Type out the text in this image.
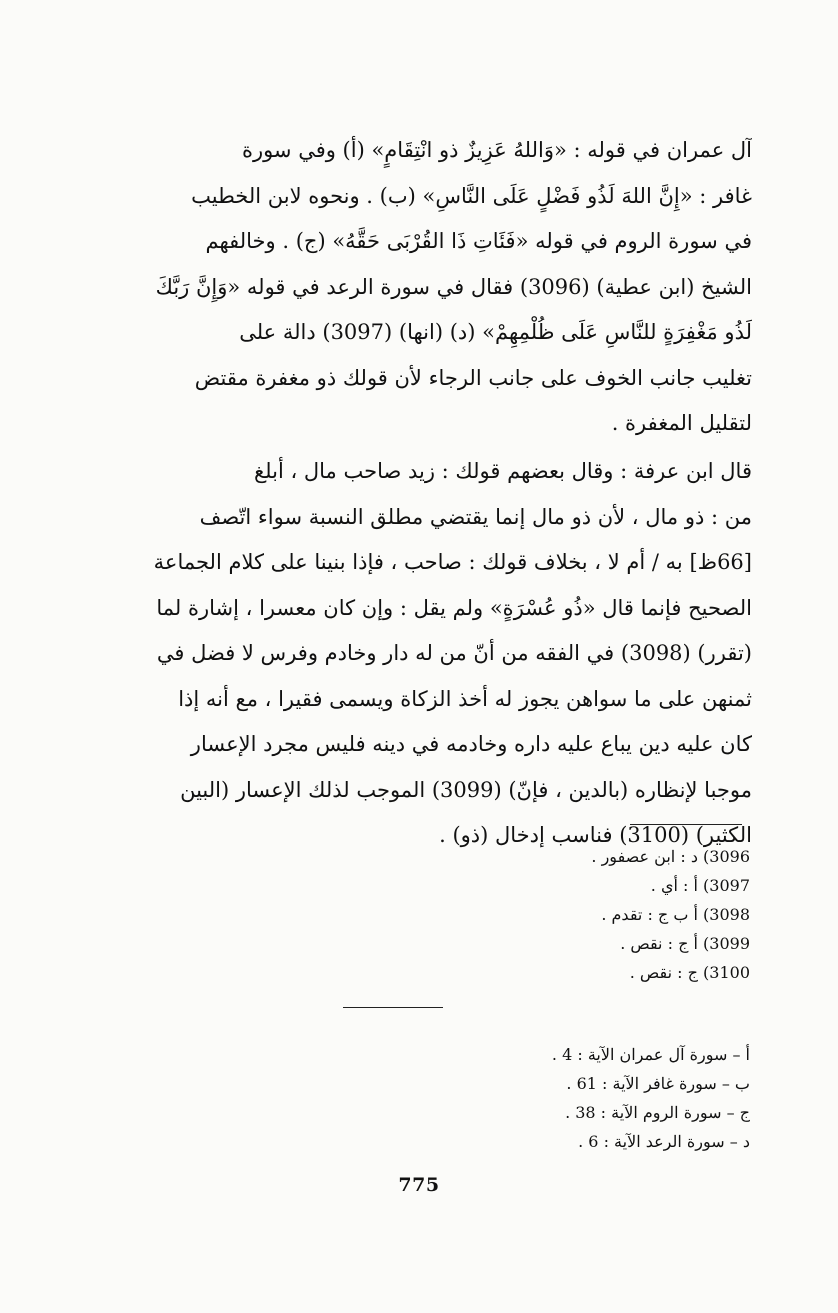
آل عمران في قوله : «وَاللهُ عَزِيزٌ ذو انْتِقَامٍ» (أ) وفي سورة
غافر : «إِنَّ اللهَ لَذُو فَضْلٍ عَلَى النَّاسِ» (ب) . ونحوه لابن الخطيب
في سورة الروم في قوله «فَئَاتِ ذَا القُرْبَى حَقَّهُ» (ج) . وخالفهم
الشيخ (ابن عطية) (3096) فقال في سورة الرعد في قوله «وَإِنَّ رَبَّكَ
لَذُو مَغْفِرَةٍ للنَّاسِ عَلَى ظُلْمِهِمْ» (د) (انها) (3097) دالة على
تغليب جانب الخوف على جانب الرجاء لأن قولك ذو مغفرة مقتض
لتقليل المغفرة .
قال ابن عرفة : وقال بعضهم قولك : زيد صاحب مال ، أبلغ
من : ذو مال ، لأن ذو مال إنما يقتضي مطلق النسبة سواء اتّصف
[66ظ] به / أم لا ، بخلاف قولك : صاحب ، فإذا بنينا على كلام الجماعة
الصحيح فإنما قال «ذُو عُسْرَةٍ» ولم يقل : وإن كان معسرا ، إشارة لما
(تقرر) (3098) في الفقه من أنّ من له دار وخادم وفرس لا فضل في
ثمنهن على ما سواهن يجوز له أخذ الزكاة ويسمى فقيرا ، مع أنه إذا
كان عليه دين يباع عليه داره وخادمه في دينه فليس مجرد الإعسار
موجبا لإنظاره (بالدين ، فإنّ) (3099) الموجب لذلك الإعسار (البين
الكثير) (3100) فناسب إدخال (ذو) .
3096) د : ابن عصفور .
3097) أ : أي .
3098) أ ب ج : تقدم .
3099) أ ج : نقص .
3100) ج : نقص .
أ – سورة آل عمران الآية : 4 .
ب – سورة غافر الآية : 61 .
ج – سورة الروم الآية : 38 .
د – سورة الرعد الآية : 6 .
775
